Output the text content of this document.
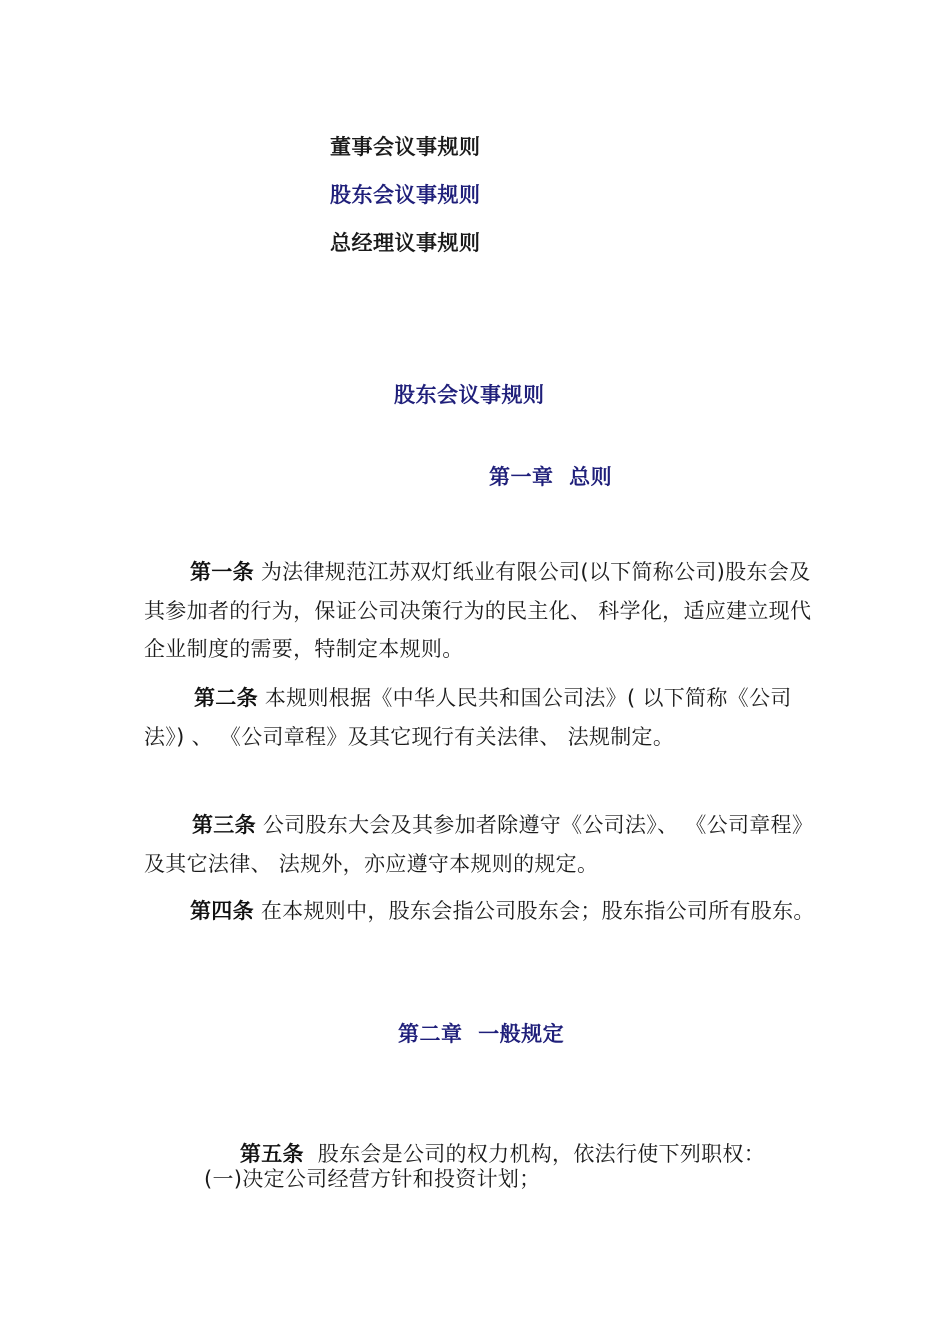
董事会议事规则
股东会议事规则
总经理议事规则
股东会议事规则
第一章  总则
第一条 为法律规范江苏双灯纸业有限公司(以下简称公司)股东会及其参加者的行为，保证公司决策行为的民主化、 科学化，适应建立现代企业制度的需要，特制定本规则。
第二条 本规则根据《中华人民共和国公司法》( 以下简称《公司法》) 、 《公司章程》及其它现行有关法律、 法规制定。
第三条 公司股东大会及其参加者除遵守《公司法》、 《公司章程》及其它法律、 法规外，亦应遵守本规则的规定。
第四条 在本规则中，股东会指公司股东会；股东指公司所有股东。
第二章  一般规定

第五条  股东会是公司的权力机构，依法行使下列职权：

(一)决定公司经营方针和投资计划；
